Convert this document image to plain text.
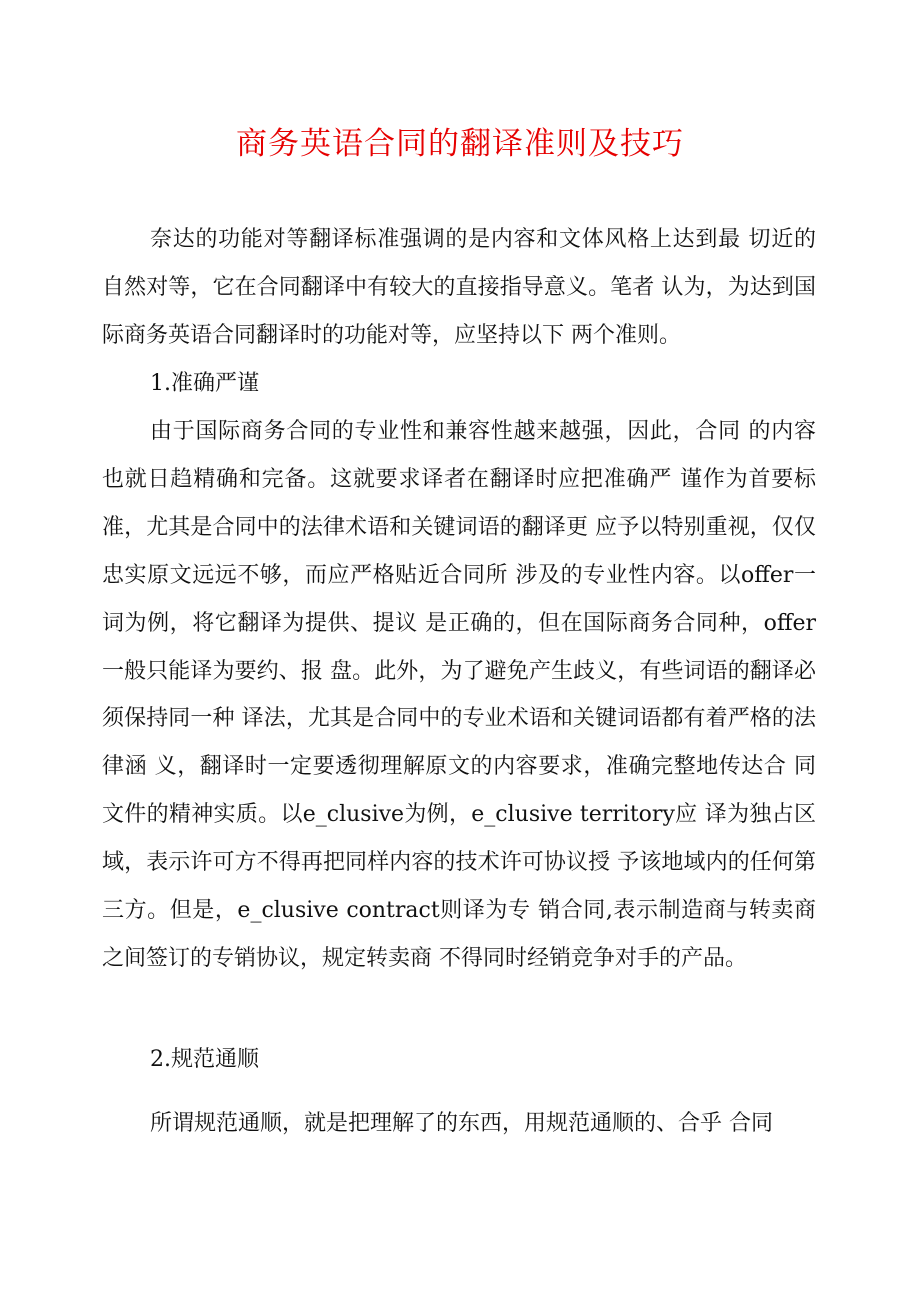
商务英语合同的翻译准则及技巧

奈达的功能对等翻译标准强调的是内容和文体风格上达到最 切近的自然对等，它在合同翻译中有较大的直接指导意义。笔者 认为，为达到国际商务英语合同翻译时的功能对等，应坚持以下 两个准则。

1.准确严谨

由于国际商务合同的专业性和兼容性越来越强，因此，合同 的内容也就日趋精确和完备。这就要求译者在翻译时应把准确严 谨作为首要标准，尤其是合同中的法律术语和关键词语的翻译更 应予以特别重视，仅仅忠实原文远远不够，而应严格贴近合同所 涉及的专业性内容。以offer一词为例，将它翻译为提供、提议 是正确的，但在国际商务合同种，offer一般只能译为要约、报 盘。此外，为了避免产生歧义，有些词语的翻译必须保持同一种 译法，尤其是合同中的专业术语和关键词语都有着严格的法律涵 义，翻译时一定要透彻理解原文的内容要求，准确完整地传达合 同文件的精神实质。以e_clusive为例，e_clusive territory应 译为独占区域，表示许可方不得再把同样内容的技术许可协议授 予该地域内的任何第三方。但是，e_clusive contract则译为专 销合同,表示制造商与转卖商之间签订的专销协议，规定转卖商 不得同时经销竞争对手的产品。

2.规范通顺

所谓规范通顺，就是把理解了的东西，用规范通顺的、合乎 合同
